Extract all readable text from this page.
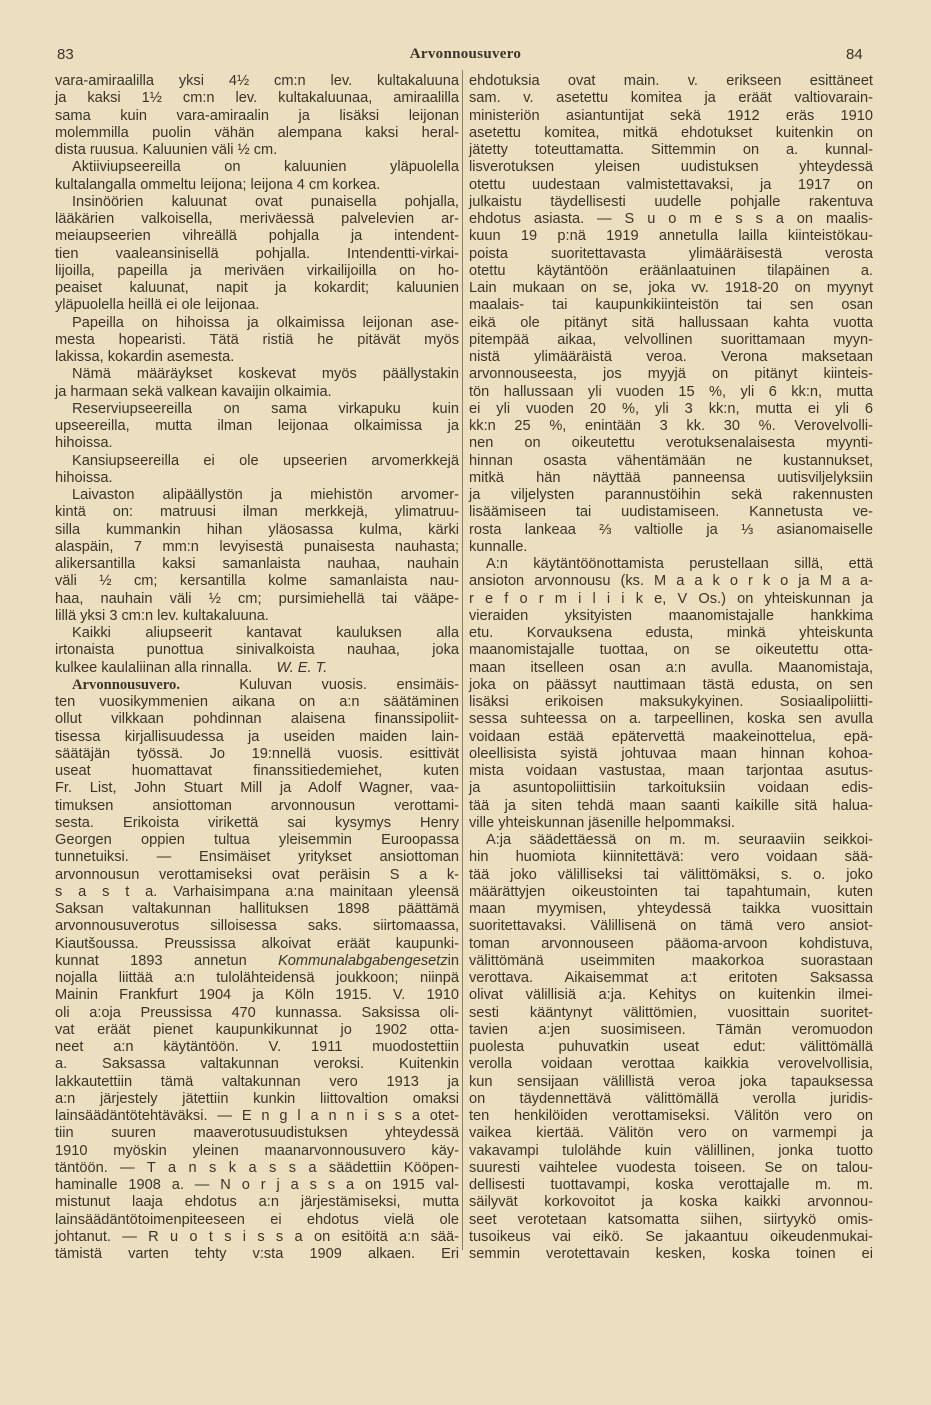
83	Arvonnousuvero	84
vara-amiraalilla yksi 4½ cm:n lev. kultakaluuna
ja kaksi 1½ cm:n lev. kultakaluunaa, amiraalilla
sama kuin vara-amiraalin ja lisäksi leijonan
molemmilla puolin vähän alempana kaksi heral-
dista ruusua. Kaluunien väli ½ cm.
Aktiiviupseereilla on kaluunien yläpuolella
kultalangalla ommeltu leijona; leijona 4 cm korkea.
Insinöörien kaluunat ovat punaisella pohjalla,
lääkärien valkoisella, meriväessä palvelevien ar-
meiaupseerien vihreällä pohjalla ja intendent-
tien vaaleansinisellä pohjalla. Intendentti-virkai-
lijoilla, papeilla ja meriväen virkailijoilla on ho-
peaiset kaluunat, napit ja kokardit; kaluunien
yläpuolella heillä ei ole leijonaa.
Papeilla on hihoissa ja olkaimissa leijonan ase-
mesta hopearisti. Tätä ristiä he pitävät myös
lakissa, kokardin asemesta.
Nämä määräykset koskevat myös päällystakin
ja harmaan sekä valkean kavaijin olkaimia.
Reserviupseereilla on sama virkapuku kuin
upseereilla, mutta ilman leijonaa olkaimissa ja
hihoissa.
Kansiupseereilla ei ole upseerien arvomerkkejä
hihoissa.
Laivaston alipäällystön ja miehistön arvomer-
kintä on: matruusi ilman merkkejä, ylimatruu-
silla kummankin hihan yläosassa kulma, kärki
alaspäin, 7 mm:n levyisestä punaisesta nauhasta;
alikersantilla kaksi samanlaista nauhaa, nauhain
väli ½ cm; kersantilla kolme samanlaista nau-
haa, nauhain väli ½ cm; pursimiehellä tai vääpe-
lillä yksi 3 cm:n lev. kultakaluuna.
Kaikki aliupseerit kantavat kauluksen alla
irtonaista punottua sinivalkoista nauhaa, joka
kulkee kaulaliinan alla rinnalla.      W. E. T.
Arvonnousuvero.  Kuluvan vuosis. ensimäis-
ten vuosikymmenien aikana on a:n säätäminen
ollut vilkkaan pohdinnan alaisena finanssipoliit-
tisessa kirjallisuudessa ja useiden maiden lain-
säätäjän työssä. Jo 19:nnellä vuosis. esittivät
useat huomattavat finanssitiedemiehet, kuten
Fr. List, John Stuart Mill ja Adolf Wagner, vaa-
timuksen ansiottoman arvonnousun verottami-
sesta. Erikoista virikettä sai kysymys Henry
Georgen oppien tultua yleisemmin Euroopassa
tunnetuiksi. — Ensimäiset yritykset ansiottoman
arvonnousun verottamiseksi ovat peräisin S a k-
s a s t a. Varhaisimpana a:na mainitaan yleensä
Saksan valtakunnan hallituksen 1898 päättämä
arvonnousuverotus silloisessa saks. siirtomaassa,
Kiautšoussa. Preussissa alkoivat eräät kaupunki-
kunnat 1893 annetun Kommunalabgabengesetzin
nojalla liittää a:n tulolähteidensä joukkoon; niinpä
Mainin Frankfurt 1904 ja Köln 1915. V. 1910
oli a:oja Preussissa 470 kunnassa. Saksissa oli-
vat eräät pienet kaupunkikunnat jo 1902 otta-
neet a:n käytäntöön. V. 1911 muodostettiin
a. Saksassa valtakunnan veroksi. Kuitenkin
lakkautettiin tämä valtakunnan vero 1913 ja
a:n järjestely jätettiin kunkin liittovaltion omaksi
lainsäädäntötehtäväksi. — E n g l a n n i s s a otet-
tiin suuren maaverotusuudistuksen yhteydessä
1910 myöskin yleinen maanarvonnousuvero käy-
täntöön. — T a n s k a s s a säädettiin Kööpen-
haminalle 1908 a. — N o r j a s s a on 1915 val-
mistunut laaja ehdotus a:n järjestämiseksi, mutta
lainsäädäntötoimenpiteeseen ei ehdotus vielä ole
johtanut. — R u o t s i s s a on esitöitä a:n sää-
tämistä varten tehty v:sta 1909 alkaen. Eri
ehdotuksia ovat main. v. erikseen esittäneet
sam. v. asetettu komitea ja eräät valtiovarain-
ministeriön asiantuntijat sekä 1912 eräs 1910
asetettu komitea, mitkä ehdotukset kuitenkin on
jätetty toteuttamatta. Sittemmin on a. kunnal-
lisverotuksen yleisen uudistuksen yhteydessä
otettu uudestaan valmistettavaksi, ja 1917 on
julkaistu täydellisesti uudelle pohjalle rakentuva
ehdotus asiasta. — S u o m e s s a on maalis-
kuun 19 p:nä 1919 annetulla lailla kiinteistökau-
poista suoritettavasta ylimääräisestä verosta
otettu käytäntöön eräänlaatuinen tilapäinen a.
Lain mukaan on se, joka vv. 1918-20 on myynyt
maalais- tai kaupunkikiinteistön tai sen osan
eikä ole pitänyt sitä hallussaan kahta vuotta
pitempää aikaa, velvollinen suorittamaan myyn-
nistä ylimääräistä veroa. Verona maksetaan
arvonnouseesta, jos myyjä on pitänyt kiinteis-
tön hallussaan yli vuoden 15 %, yli 6 kk:n, mutta
ei yli vuoden 20 %, yli 3 kk:n, mutta ei yli 6
kk:n 25 %, enintään 3 kk. 30 %. Verovelvolli-
nen on oikeutettu verotuksenalaisesta myynti-
hinnan osasta vähentämään ne kustannukset,
mitkä hän näyttää panneensa uutisviljelyksiin
ja viljelysten parannustöihin sekä rakennusten
lisäämiseen tai uudistamiseen. Kannetusta ve-
rosta lankeaa ⅔ valtiolle ja ⅓ asianomaiselle
kunnalle.
A:n käytäntöönottamista perustellaan sillä, että
ansioton arvonnousu (ks. M a a k o r k o ja M a a-
r e f o r m i l i i k e, V Os.) on yhteiskunnan ja
vieraiden yksityisten maanomistajalle hankkima
etu. Korvauksena edusta, minkä yhteiskunta
maanomistajalle tuottaa, on se oikeutettu otta-
maan itselleen osan a:n avulla. Maanomistaja,
joka on päässyt nauttimaan tästä edusta, on sen
lisäksi erikoisen maksukykyinen. Sosiaalipoliitti-
sessa suhteessa on a. tarpeellinen, koska sen avulla
voidaan estää epätervettä maakeinottelua, epä-
oleellisista syistä johtuvaa maan hinnan kohoa-
mista voidaan vastustaa, maan tarjontaa asutus-
ja asuntopoliittisiin tarkoituksiin voidaan edis-
tää ja siten tehdä maan saanti kaikille sitä halua-
ville yhteiskunnan jäsenille helpommaksi.
A:ja säädettäessä on m. m. seuraaviin seikkoi-
hin huomiota kiinnitettävä: vero voidaan sää-
tää joko välilliseksi tai välittömäksi, s. o. joko
määrättyjen oikeustointen tai tapahtumain, kuten
maan myymisen, yhteydessä taikka vuosittain
suoritettavaksi. Välillisenä on tämä vero ansiot-
toman arvonnouseen pääoma-arvoon kohdistuva,
välittömänä useimmiten maakorkoa suorastaan
verottava. Aikaisemmat a:t eritoten Saksassa
olivat välillisiä a:ja. Kehitys on kuitenkin ilmei-
sesti kääntynyt välittömien, vuosittain suoritet-
tavien a:jen suosimiseen. Tämän veromuodon
puolesta puhuvatkin useat edut: välittömällä
verolla voidaan verottaa kaikkia verovelvollisia,
kun sensijaan välillistä veroa joka tapauksessa
on täydennettävä välittömällä verolla juridis-
ten henkilöiden verottamiseksi. Välitön vero on
vaikea kiertää. Välitön vero on varmempi ja
vakavampi tulolähde kuin välillinen, jonka tuotto
suuresti vaihtelee vuodesta toiseen. Se on talou-
dellisesti tuottavampi, koska verottajalle m. m.
säilyvät korkovoitot ja koska kaikki arvonnou-
seet verotetaan katsomatta siihen, siirtyykö omis-
tusoikeus vai eikö. Se jakaantuu oikeudenmukai-
semmin verotettavain kesken, koska toinen ei
